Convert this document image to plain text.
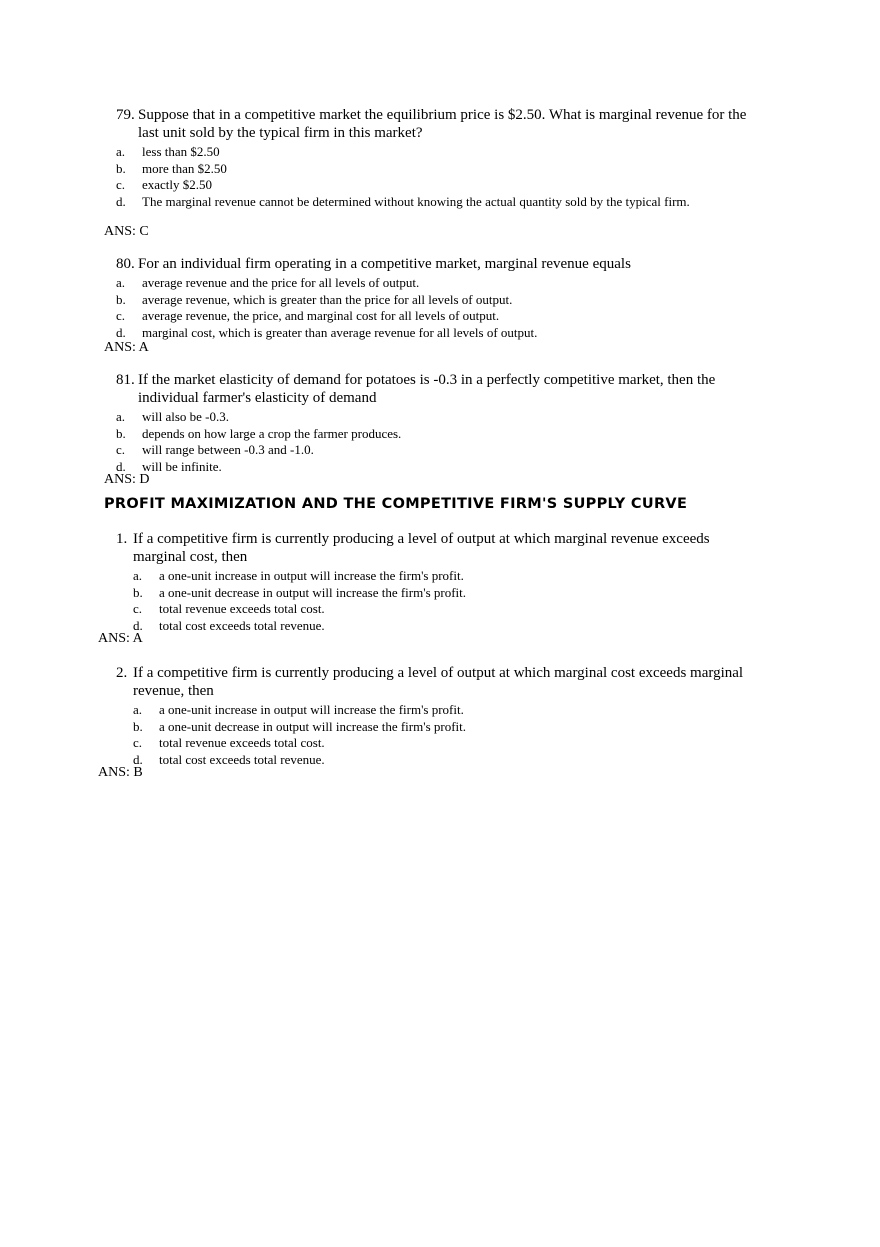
79. Suppose that in a competitive market the equilibrium price is $2.50. What is marginal revenue for the last unit sold by the typical firm in this market?
a.	less than $2.50
b.	more than $2.50
c.	exactly $2.50
d.	The marginal revenue cannot be determined without knowing the actual quantity sold by the typical firm.
ANS: C
80. For an individual firm operating in a competitive market, marginal revenue equals
a.	average revenue and the price for all levels of output.
b.	average revenue, which is greater than the price for all levels of output.
c.	average revenue, the price, and marginal cost for all levels of output.
d.	marginal cost, which is greater than average revenue for all levels of output.
ANS: A
81. If the market elasticity of demand for potatoes is -0.3 in a perfectly competitive market, then the individual farmer's elasticity of demand
a.	will also be -0.3.
b.	depends on how large a crop the farmer produces.
c.	will range between -0.3 and -1.0.
d.	will be infinite.
ANS: D
PROFIT MAXIMIZATION AND THE COMPETITIVE FIRM'S SUPPLY CURVE
1. If a competitive firm is currently producing a level of output at which marginal revenue exceeds marginal cost, then
a.	a one-unit increase in output will increase the firm's profit.
b.	a one-unit decrease in output will increase the firm's profit.
c.	total revenue exceeds total cost.
d.	total cost exceeds total revenue.
ANS: A
2. If a competitive firm is currently producing a level of output at which marginal cost exceeds marginal revenue, then
a.	a one-unit increase in output will increase the firm's profit.
b.	a one-unit decrease in output will increase the firm's profit.
c.	total revenue exceeds total cost.
d.	total cost exceeds total revenue.
ANS: B
